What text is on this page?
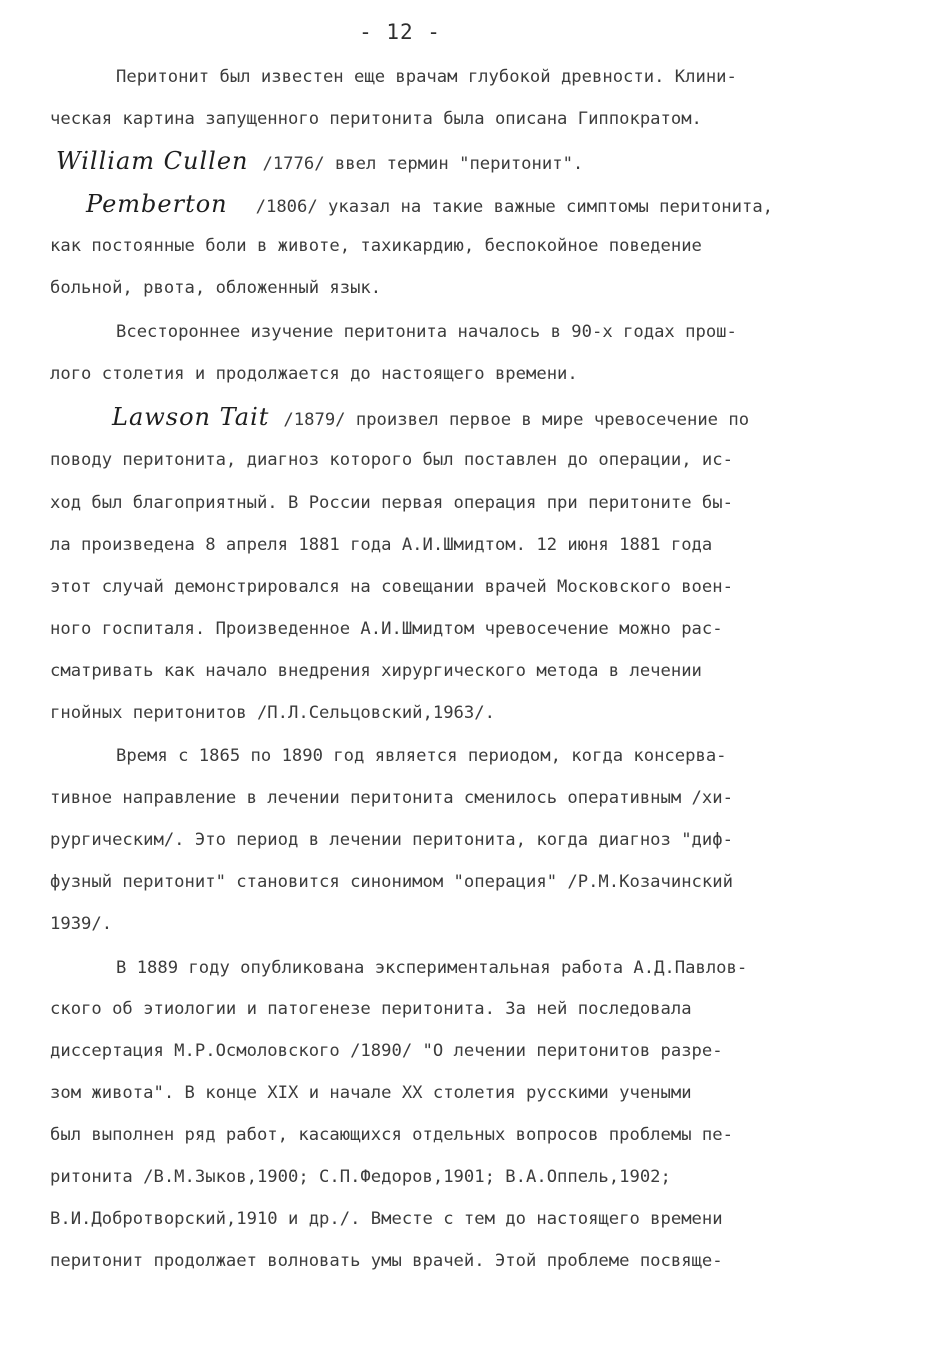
- 12 -
Перитонит был известен еще врачам глубокой древности. Клини-
ческая картина запущенного перитонита была описана Гиппократом.
William Cullen /1776/ ввел термин "перитонит".
Pemberton /1806/ указал на такие важные симптомы перитонита,
как постоянные боли в животе, тахикардию, беспокойное поведение
больной, рвота, обложенный язык.
Всестороннее изучение перитонита началось в 90-х годах прош-
лого столетия и продолжается до настоящего времени.
Lawson Tait /1879/ произвел первое в мире чревосечение по
поводу перитонита, диагноз которого был поставлен до операции, ис-
ход был благоприятный. В России первая операция при перитоните бы-
ла произведена 8 апреля 1881 года А.И.Шмидтом. 12 июня 1881 года
этот случай демонстрировался на совещании врачей Московского воен-
ного госпиталя. Произведенное А.И.Шмидтом чревосечение можно рас-
сматривать как начало внедрения хирургического метода в лечении
гнойных перитонитов /П.Л.Сельцовский,1963/.
Время с 1865 по 1890 год является периодом, когда консерва-
тивное направление в лечении перитонита сменилось оперативным /хи-
рургическим/. Это период в лечении перитонита, когда диагноз "диф-
фузный перитонит" становится синонимом "операция" /Р.М.Козачинский
1939/.
В 1889 году опубликована экспериментальная работа А.Д.Павлов-
ского об этиологии и патогенезе перитонита. За ней последовала
диссертация М.Р.Осмоловского /1890/ "О лечении перитонитов разре-
зом живота". В конце XIX и начале XX столетия русскими учеными
был выполнен ряд работ, касающихся отдельных вопросов проблемы пе-
ритонита /В.М.Зыков,1900; С.П.Федоров,1901; В.А.Оппель,1902;
В.И.Добротворский,1910 и др./. Вместе с тем до настоящего времени
перитонит продолжает волновать умы врачей. Этой проблеме посвяще-
